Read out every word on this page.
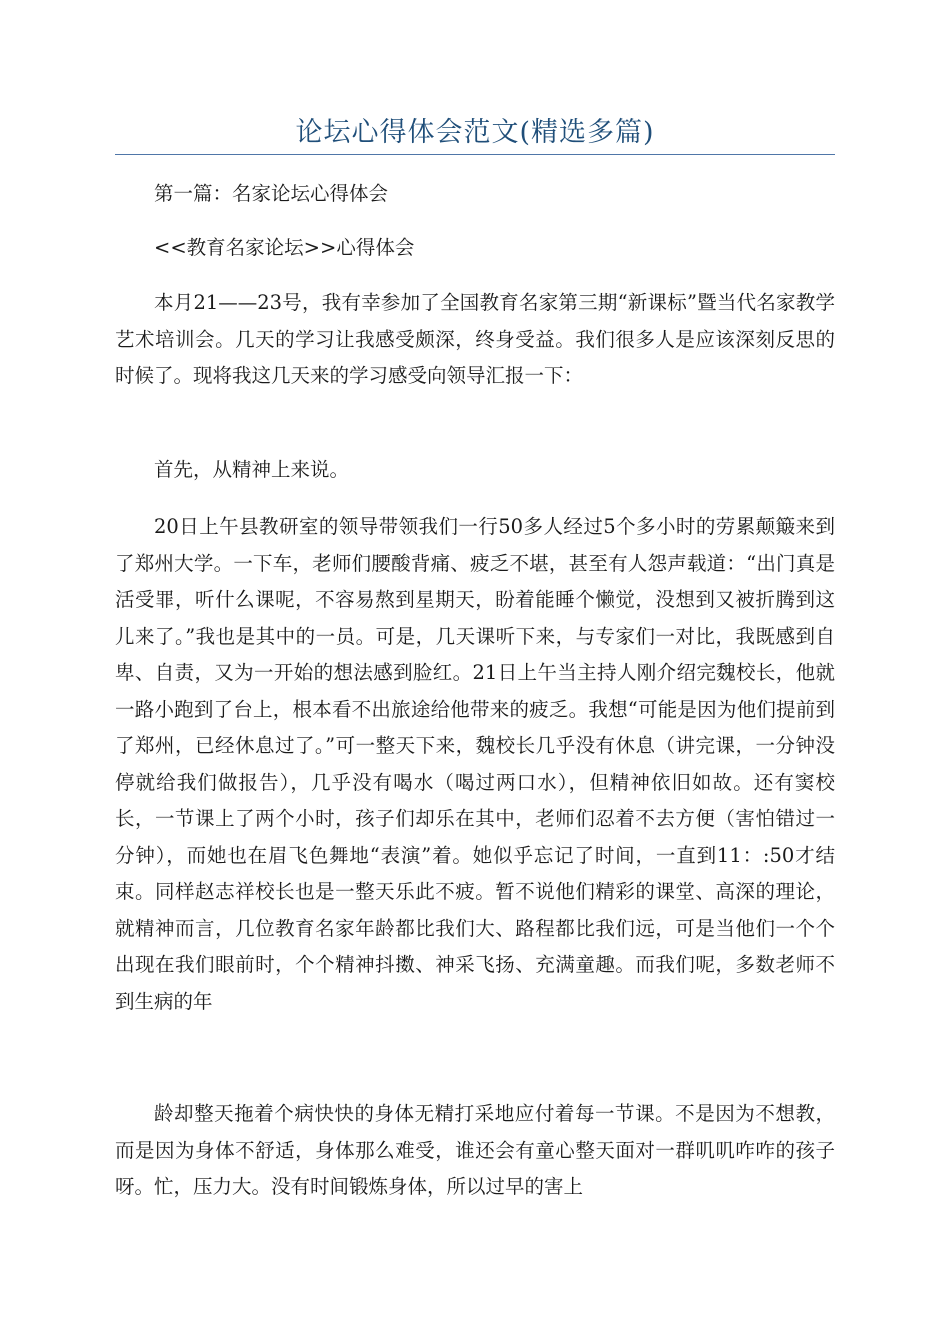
论坛心得体会范文(精选多篇)

第一篇：名家论坛心得体会

<<教育名家论坛>>心得体会

本月21——23号，我有幸参加了全国教育名家第三期“新课标”暨当代名家教学艺术培训会。几天的学习让我感受颇深，终身受益。我们很多人是应该深刻反思的时候了。现将我这几天来的学习感受向领导汇报一下：

首先，从精神上来说。

20日上午县教研室的领导带领我们一行50多人经过5个多小时的劳累颠簸来到了郑州大学。一下车，老师们腰酸背痛、疲乏不堪，甚至有人怨声载道：“出门真是活受罪，听什么课呢，不容易熬到星期天，盼着能睡个懒觉，没想到又被折腾到这儿来了。”我也是其中的一员。可是，几天课听下来，与专家们一对比，我既感到自卑、自责，又为一开始的想法感到脸红。21日上午当主持人刚介绍完魏校长，他就一路小跑到了台上，根本看不出旅途给他带来的疲乏。我想“可能是因为他们提前到了郑州，已经休息过了。”可一整天下来，魏校长几乎没有休息（讲完课，一分钟没停就给我们做报告），几乎没有喝水（喝过两口水），但精神依旧如故。还有窦校长，一节课上了两个小时，孩子们却乐在其中，老师们忍着不去方便（害怕错过一分钟），而她也在眉飞色舞地“表演”着。她似乎忘记了时间，一直到11：:50才结束。同样赵志祥校长也是一整天乐此不疲。暂不说他们精彩的课堂、高深的理论，就精神而言，几位教育名家年龄都比我们大、路程都比我们远，可是当他们一个个出现在我们眼前时，个个精神抖擞、神采飞扬、充满童趣。而我们呢，多数老师不到生病的年

龄却整天拖着个病快快的身体无精打采地应付着每一节课。不是因为不想教，而是因为身体不舒适，身体那么难受，谁还会有童心整天面对一群叽叽咋咋的孩子呀。忙，压力大。没有时间锻炼身体，所以过早的害上
